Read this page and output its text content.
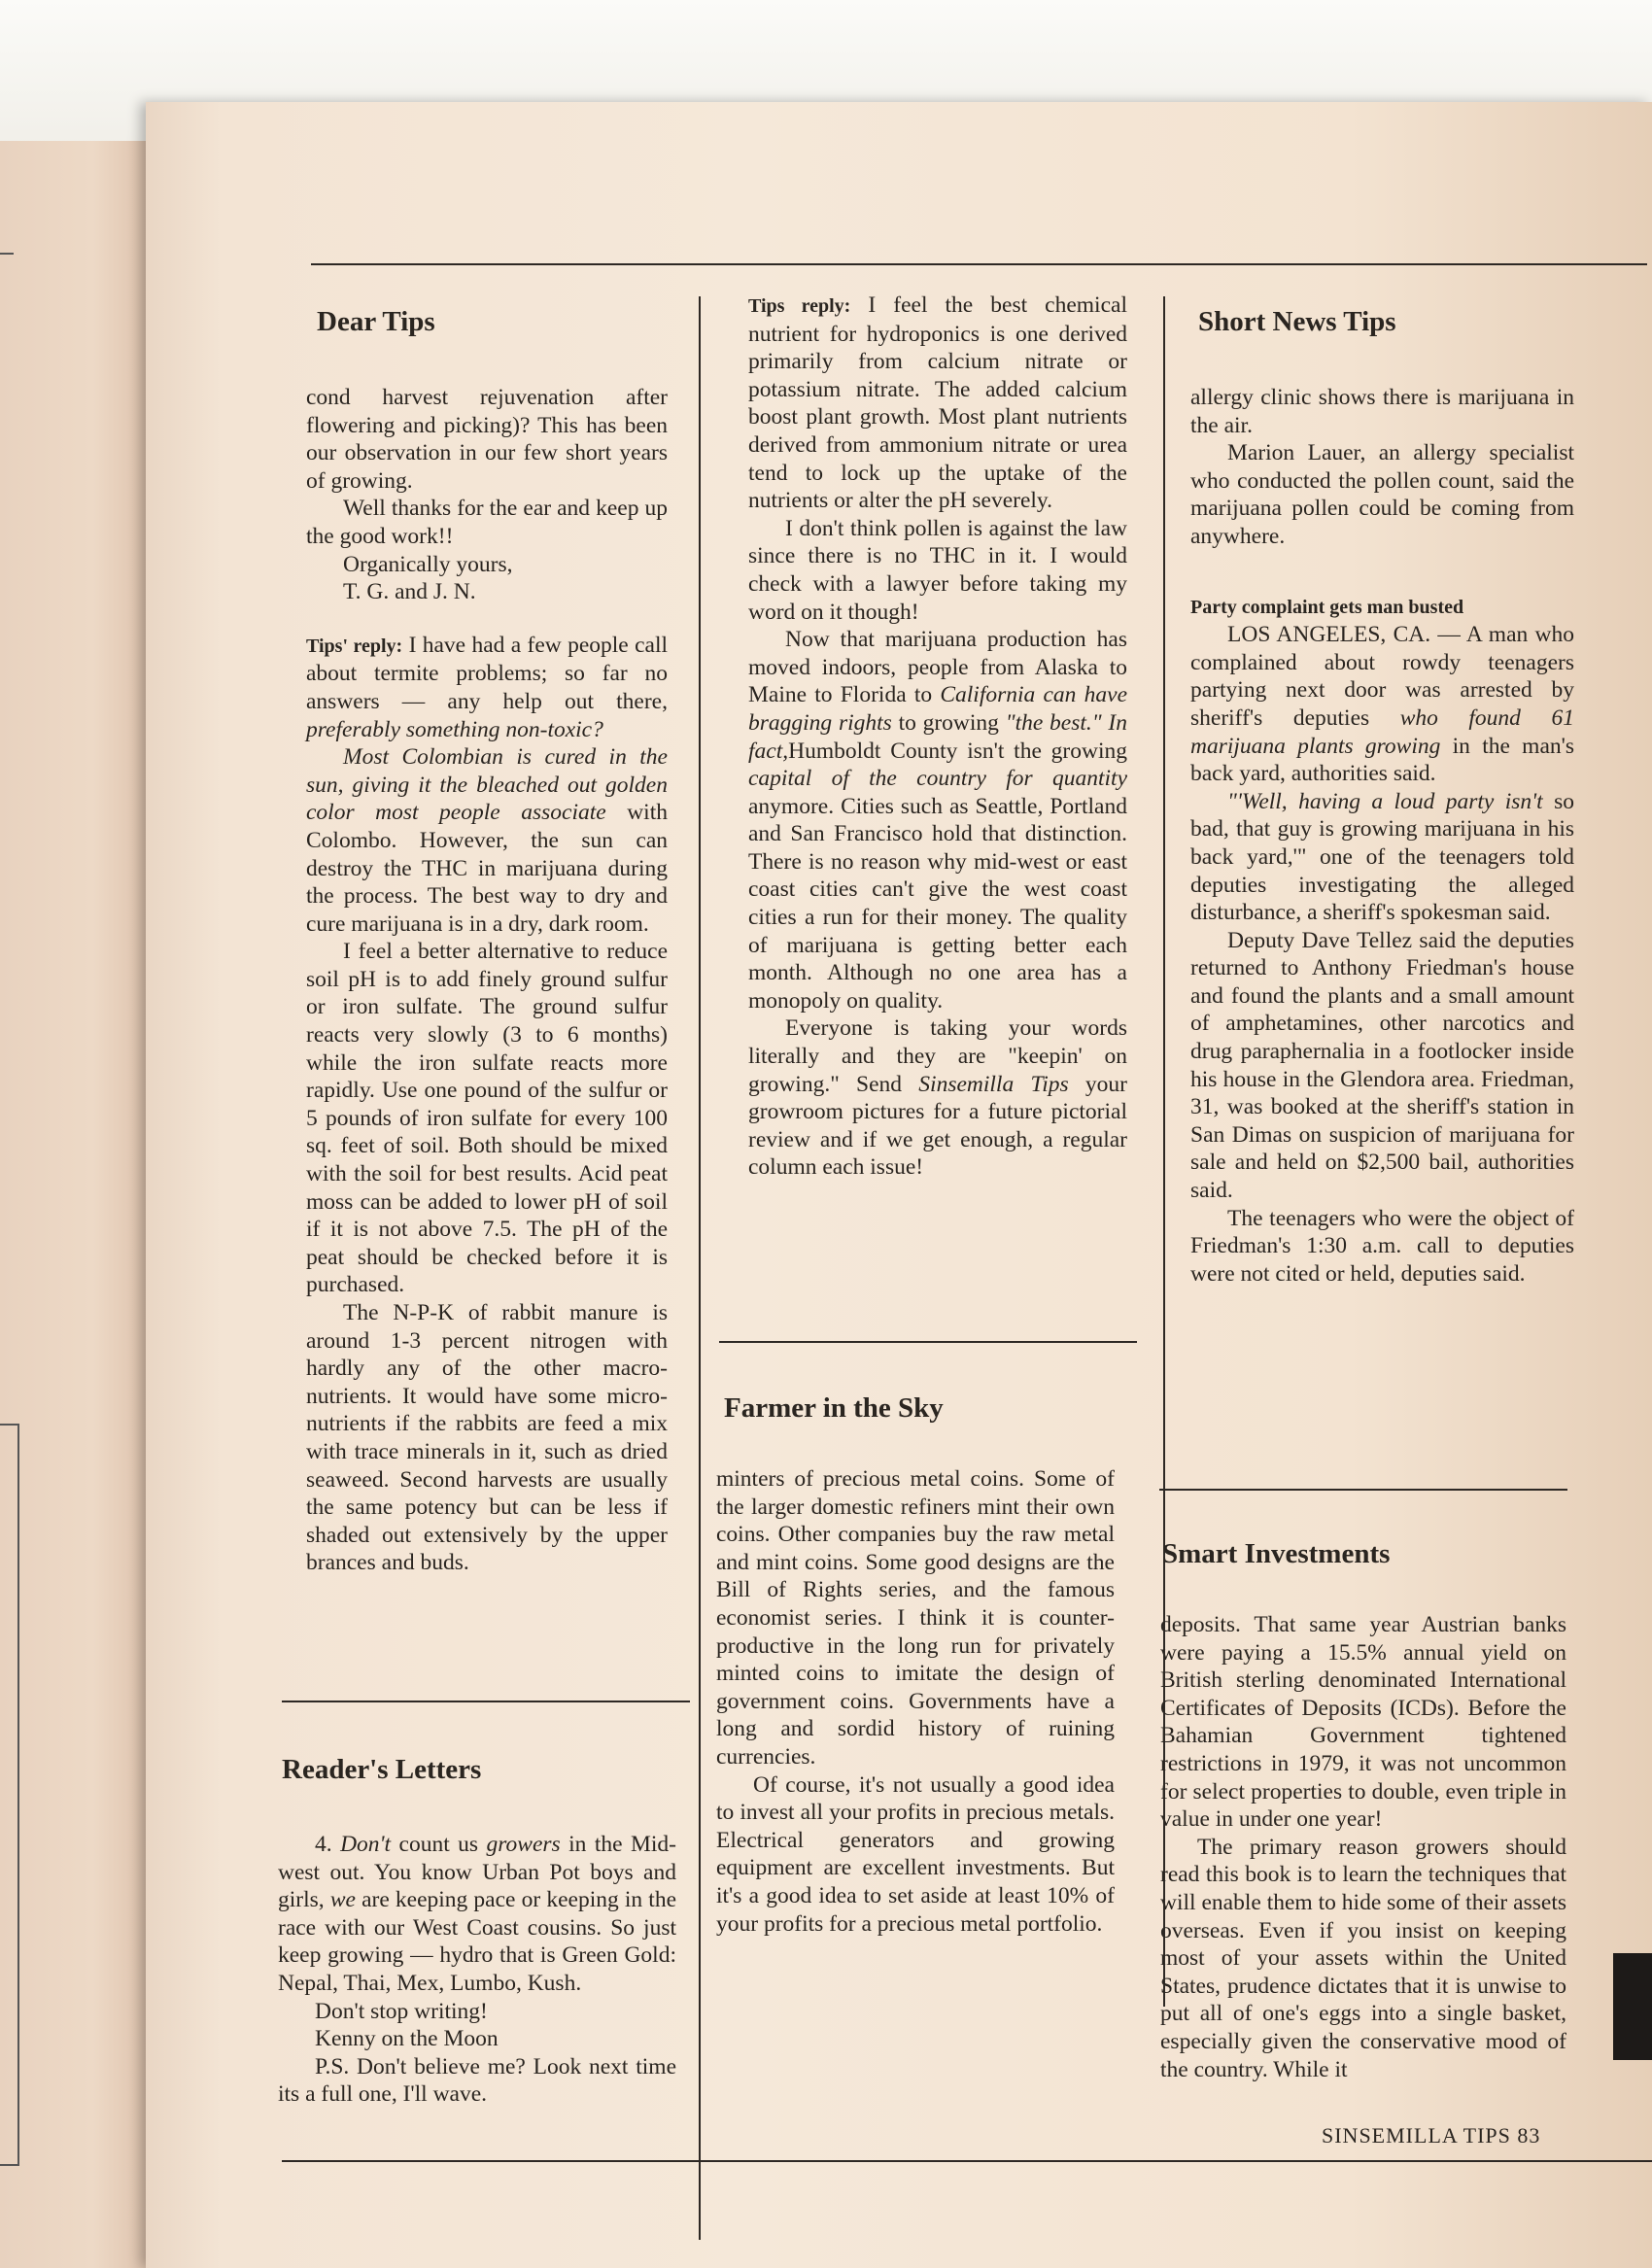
Dear Tips

cond harvest rejuvenation after flowering and picking)? This has been our observation in our few short years of growing.

Well thanks for the ear and keep up the good work!!

Organically yours,

T. G. and J. N.

Tips' reply: I have had a few people call about termite problems; so far no answers — any help out there, preferably something non-toxic?

Most Colombian is cured in the sun, giving it the bleached out golden color most people associate with Colombo. However, the sun can destroy the THC in marijuana during the process. The best way to dry and cure marijuana is in a dry, dark room.

I feel a better alternative to reduce soil pH is to add finely ground sulfur or iron sulfate. The ground sulfur reacts very slowly (3 to 6 months) while the iron sulfate reacts more rapidly. Use one pound of the sulfur or 5 pounds of iron sulfate for every 100 sq. feet of soil. Both should be mixed with the soil for best results. Acid peat moss can be added to lower pH of soil if it is not above 7.5. The pH of the peat should be checked before it is purchased.

The N-P-K of rabbit manure is around 1-3 percent nitrogen with hardly any of the other macro-nutrients. It would have some micro-nutrients if the rabbits are feed a mix with trace minerals in it, such as dried seaweed. Second harvests are usually the same potency but can be less if shaded out extensively by the upper brances and buds.

Reader's Letters

4. Don't count us growers in the Mid-west out. You know Urban Pot boys and girls, we are keeping pace or keeping in the race with our West Coast cousins. So just keep growing — hydro that is Green Gold: Nepal, Thai, Mex, Lumbo, Kush.

Don't stop writing!

Kenny on the Moon

P.S. Don't believe me? Look next time its a full one, I'll wave.

Tips reply: I feel the best chemical nutrient for hydroponics is one derived primarily from calcium nitrate or potassium nitrate. The added calcium boost plant growth. Most plant nutrients derived from ammonium nitrate or urea tend to lock up the uptake of the nutrients or alter the pH severely.

I don't think pollen is against the law since there is no THC in it. I would check with a lawyer before taking my word on it though!

Now that marijuana production has moved indoors, people from Alaska to Maine to Florida to California can have bragging rights to growing "the best." In fact,Humboldt County isn't the growing capital of the country for quantity anymore. Cities such as Seattle, Portland and San Francisco hold that distinction. There is no reason why mid-west or east coast cities can't give the west coast cities a run for their money. The quality of marijuana is getting better each month. Although no one area has a monopoly on quality.

Everyone is taking your words literally and they are "keepin' on growing." Send Sinsemilla Tips your growroom pictures for a future pictorial review and if we get enough, a regular column each issue!

Farmer in the Sky

minters of precious metal coins. Some of the larger domestic refiners mint their own coins. Other companies buy the raw metal and mint coins. Some good designs are the Bill of Rights series, and the famous economist series. I think it is counter-productive in the long run for privately minted coins to imitate the design of government coins. Governments have a long and sordid history of ruining currencies.

Of course, it's not usually a good idea to invest all your profits in precious metals. Electrical generators and growing equipment are excellent investments. But it's a good idea to set aside at least 10% of your profits for a precious metal portfolio.

Short News Tips

allergy clinic shows there is marijuana in the air.

Marion Lauer, an allergy specialist who conducted the pollen count, said the marijuana pollen could be coming from anywhere.

Party complaint gets man busted

LOS ANGELES, CA. — A man who complained about rowdy teenagers partying next door was arrested by sheriff's deputies who found 61 marijuana plants growing in the man's back yard, authorities said.

"'Well, having a loud party isn't so bad, that guy is growing marijuana in his back yard,'" one of the teenagers told deputies investigating the alleged disturbance, a sheriff's spokesman said.

Deputy Dave Tellez said the deputies returned to Anthony Friedman's house and found the plants and a small amount of amphetamines, other narcotics and drug paraphernalia in a footlocker inside his house in the Glendora area. Friedman, 31, was booked at the sheriff's station in San Dimas on suspicion of marijuana for sale and held on $2,500 bail, authorities said.

The teenagers who were the object of Friedman's 1:30 a.m. call to deputies were not cited or held, deputies said.

Smart Investments

deposits. That same year Austrian banks were paying a 15.5% annual yield on British sterling denominated International Certificates of Deposits (ICDs). Before the Bahamian Government tightened restrictions in 1979, it was not uncommon for select properties to double, even triple in value in under one year!

The primary reason growers should read this book is to learn the techniques that will enable them to hide some of their assets overseas. Even if you insist on keeping most of your assets within the United States, prudence dictates that it is unwise to put all of one's eggs into a single basket, especially given the conservative mood of the country. While it

SINSEMILLA TIPS 83
